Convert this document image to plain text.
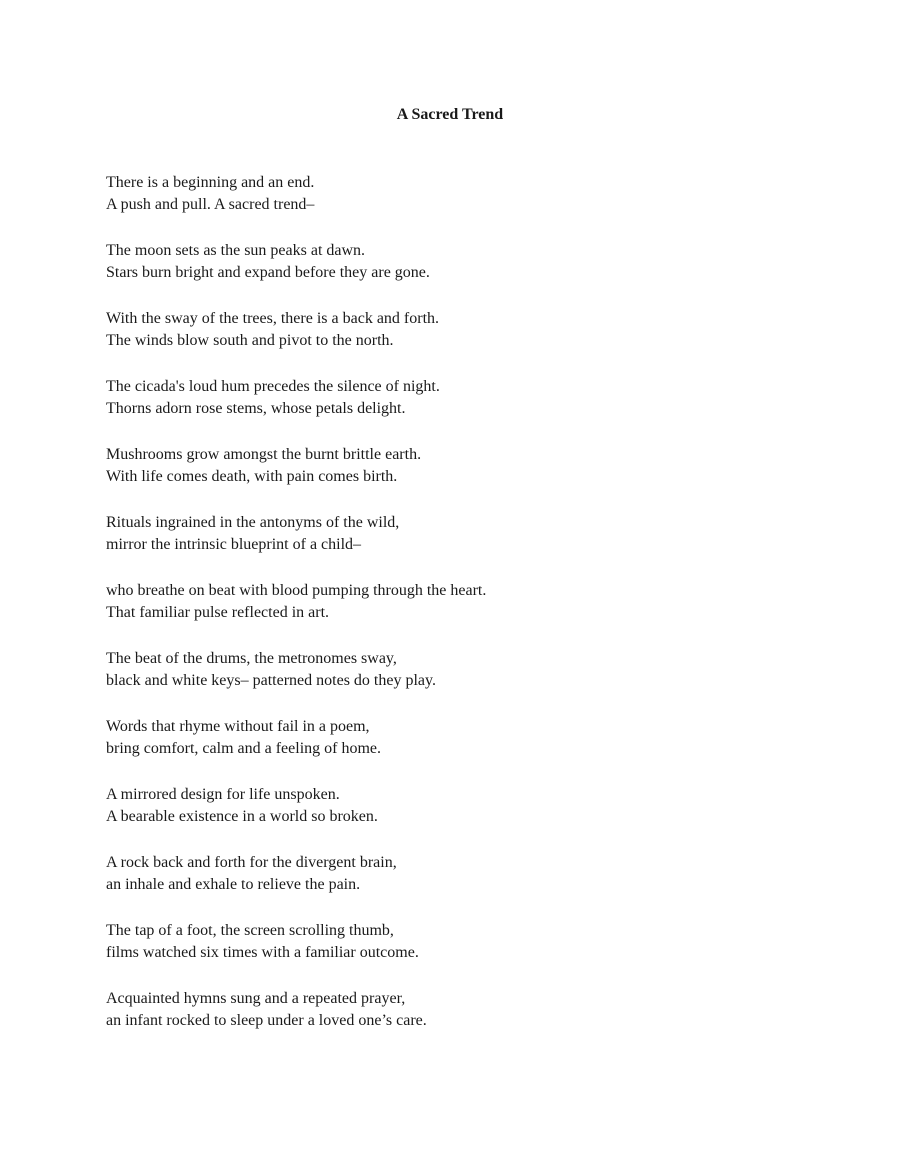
A Sacred Trend
There is a beginning and an end.
A push and pull. A sacred trend–
The moon sets as the sun peaks at dawn.
Stars burn bright and expand before they are gone.
With the sway of the trees, there is a back and forth.
The winds blow south and pivot to the north.
The cicada's loud hum precedes the silence of night.
Thorns adorn rose stems, whose petals delight.
Mushrooms grow amongst the burnt brittle earth.
With life comes death, with pain comes birth.
Rituals ingrained in the antonyms of the wild,
mirror the intrinsic blueprint of a child–
who breathe on beat with blood pumping through the heart.
That familiar pulse reflected in art.
The beat of the drums, the metronomes sway,
black and white keys– patterned notes do they play.
Words that rhyme without fail in a poem,
bring comfort, calm and a feeling of home.
A mirrored design for life unspoken.
A bearable existence in a world so broken.
A rock back and forth for the divergent brain,
an inhale and exhale to relieve the pain.
The tap of a foot, the screen scrolling thumb,
films watched six times with a familiar outcome.
Acquainted hymns sung and a repeated prayer,
an infant rocked to sleep under a loved one’s care.
